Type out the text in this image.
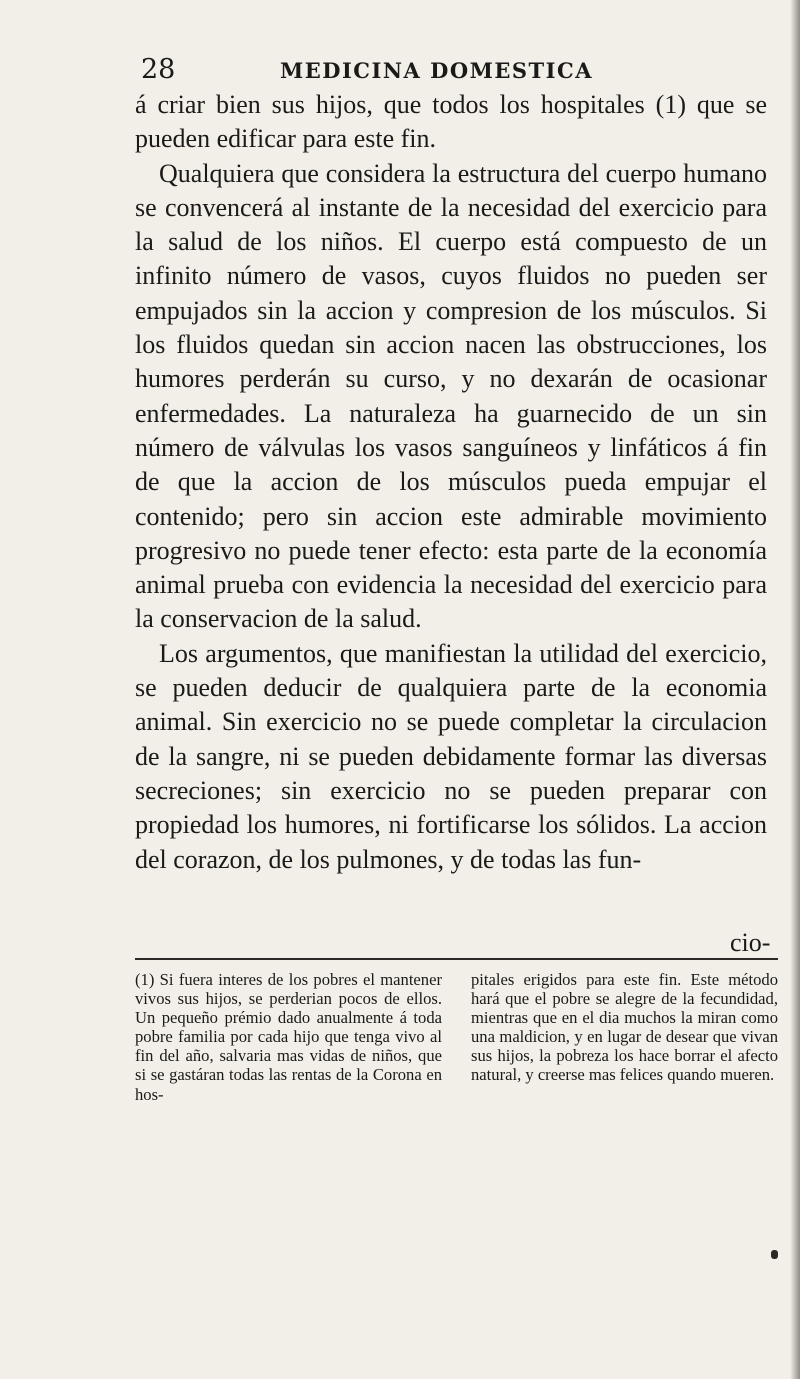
28	MEDICINA DOMESTICA

á criar bien sus hijos, que todos los hospitales (1) que se pueden edificar para este fin.

Qualquiera que considera la estructura del cuerpo humano se convencerá al instante de la necesidad del exercicio para la salud de los niños. El cuerpo está compuesto de un infinito número de vasos, cuyos fluidos no pueden ser empujados sin la accion y compresion de los músculos. Si los fluidos quedan sin accion nacen las obstrucciones, los humores perderán su curso, y no dexarán de ocasionar enfermedades. La naturaleza ha guarnecido de un sin número de válvulas los vasos sanguíneos y linfáticos á fin de que la accion de los músculos pueda empujar el contenido; pero sin accion este admirable movimiento progresivo no puede tener efecto: esta parte de la economía animal prueba con evidencia la necesidad del exercicio para la conservacion de la salud.

Los argumentos, que manifiestan la utilidad del exercicio, se pueden deducir de qualquiera parte de la economia animal. Sin exercicio no se puede completar la circulacion de la sangre, ni se pueden debidamente formar las diversas secreciones; sin exercicio no se pueden preparar con propiedad los humores, ni fortificarse los sólidos. La accion del corazon, de los pulmones, y de todas las fun-

cio-
(1) Si fuera interes de los pobres el mantener vivos sus hijos, se perderian pocos de ellos. Un pequeño prémio dado anualmente á toda pobre familia por cada hijo que tenga vivo al fin del año, salvaria mas vidas de niños, que si se gastáran todas las rentas de la Corona en hos-
pitales erigidos para este fin. Este método hará que el pobre se alegre de la fecundidad, mientras que en el dia muchos la miran como una maldicion, y en lugar de desear que vivan sus hijos, la pobreza los hace borrar el afecto natural, y creerse mas felices quando mueren.
